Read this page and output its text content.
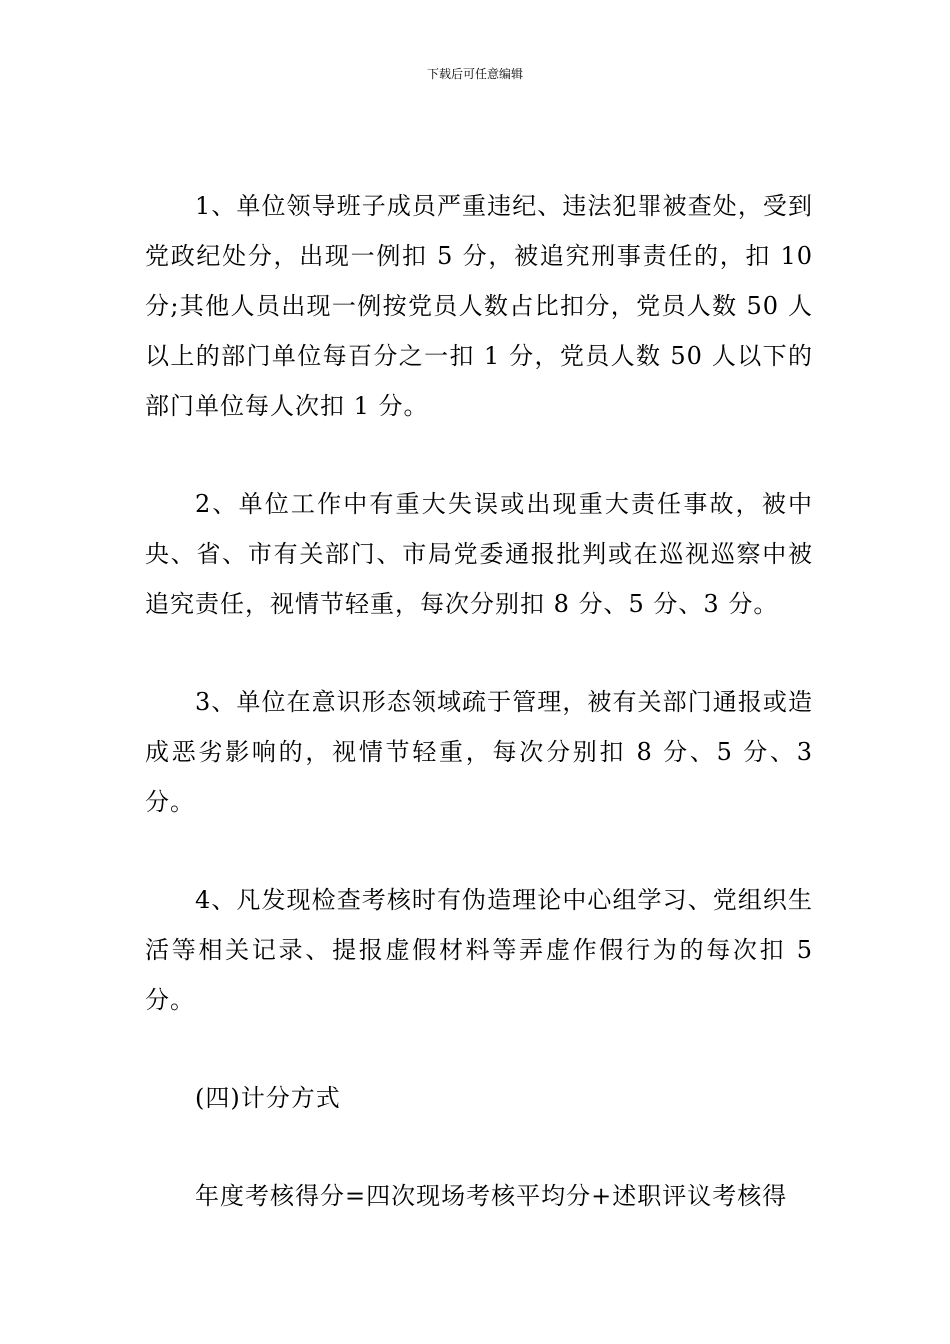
下载后可任意编辑

1、单位领导班子成员严重违纪、违法犯罪被查处，受到党政纪处分，出现一例扣 5 分，被追究刑事责任的，扣 10 分;其他人员出现一例按党员人数占比扣分，党员人数 50 人以上的部门单位每百分之一扣 1 分，党员人数 50 人以下的部门单位每人次扣 1 分。

2、单位工作中有重大失误或出现重大责任事故，被中央、省、市有关部门、市局党委通报批判或在巡视巡察中被追究责任，视情节轻重，每次分别扣 8 分、5 分、3 分。

3、单位在意识形态领域疏于管理，被有关部门通报或造成恶劣影响的，视情节轻重，每次分别扣 8 分、5 分、3 分。

4、凡发现检查考核时有伪造理论中心组学习、党组织生活等相关记录、提报虚假材料等弄虚作假行为的每次扣 5 分。

(四)计分方式

年度考核得分=四次现场考核平均分+述职评议考核得
